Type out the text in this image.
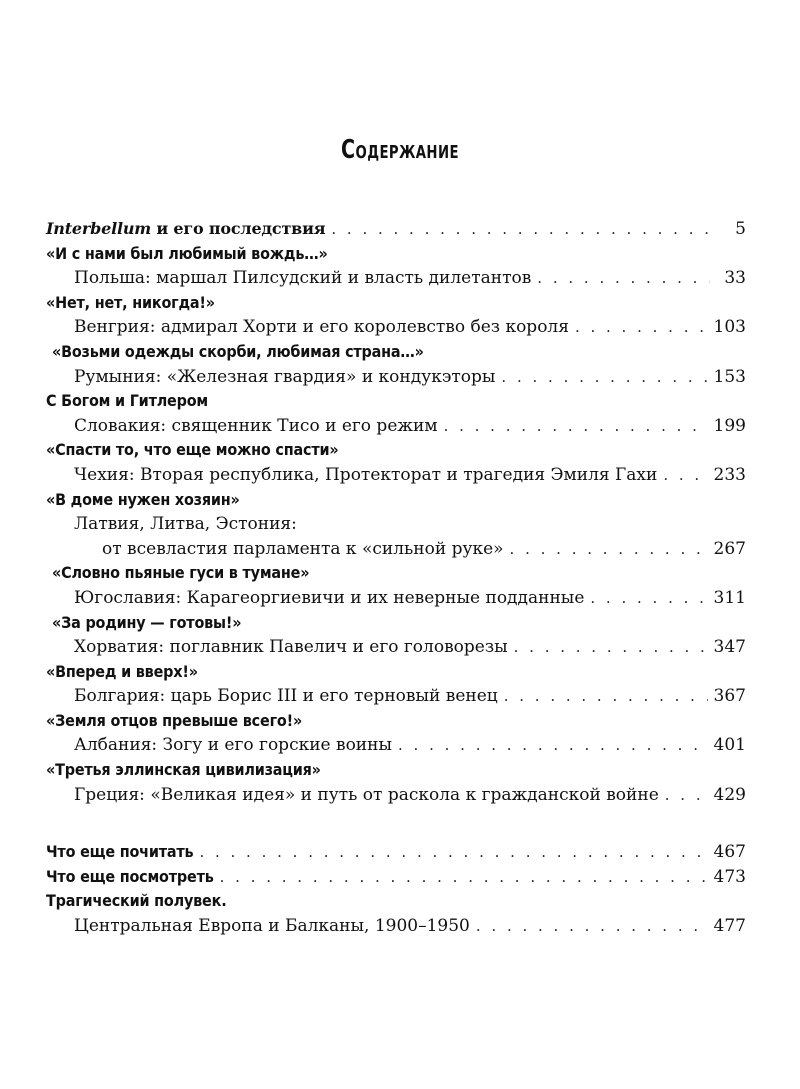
Содержание
Interbellum и его последствия . . .	5
«И с нами был любимый вождь…»
Польша: маршал Пилсудский и власть дилетантов . . .	33
«Нет, нет, никогда!»
Венгрия: адмирал Хорти и его королевство без короля . . .	103
«Возьми одежды скорби, любимая страна…»
Румыния: «Железная гвардия» и кондукэторы . . .	153
С Богом и Гитлером
Словакия: священник Тисо и его режим . . .	199
«Спасти то, что еще можно спасти»
Чехия: Вторая республика, Протекторат и трагедия Эмиля Гахи . . .	233
«В доме нужен хозяин»
Латвия, Литва, Эстония:
от всевластия парламента к «сильной руке» . . .	267
«Словно пьяные гуси в тумане»
Югославия: Карагеоргиевичи и их неверные подданные . . .	311
«За родину — готовы!»
Хорватия: поглавник Павелич и его головорезы . . .	347
«Вперед и вверх!»
Болгария: царь Борис III и его терновый венец . . .	367
«Земля отцов превыше всего!»
Албания: Зогу и его горские воины . . .	401
«Третья эллинская цивилизация»
Греция: «Великая идея» и путь от раскола к гражданской войне . . .	429
Что еще почитать . . .	467
Что еще посмотреть . . .	473
Трагический полувек.
Центральная Европа и Балканы, 1900–1950 . . .	477
